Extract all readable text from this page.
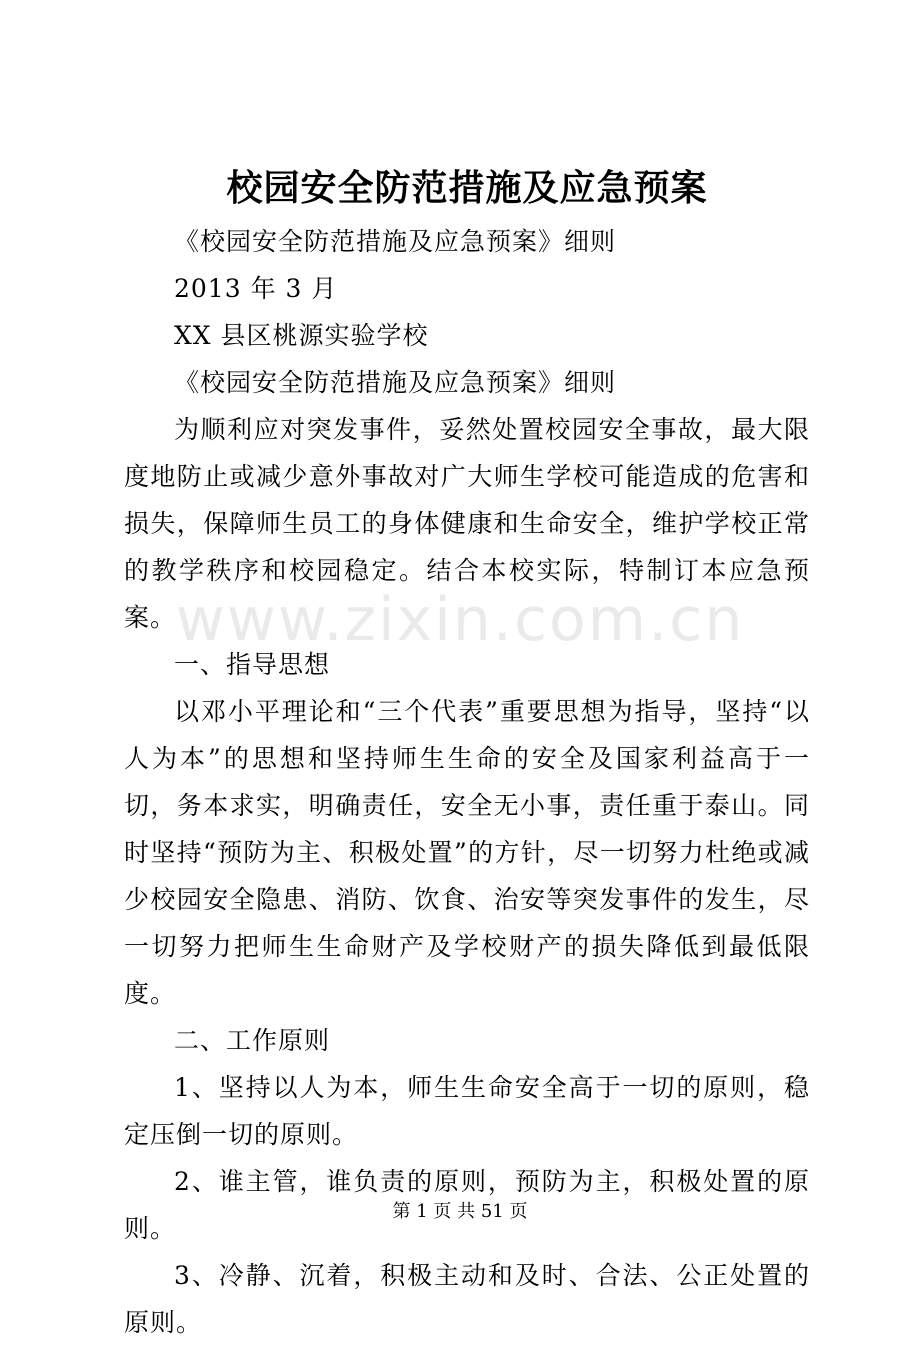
校园安全防范措施及应急预案

《校园安全防范措施及应急预案》细则

2013 年 3 月

XX 县区桃源实验学校

《校园安全防范措施及应急预案》细则

为顺利应对突发事件，妥然处置校园安全事故，最大限度地防止或减少意外事故对广大师生学校可能造成的危害和损失，保障师生员工的身体健康和生命安全，维护学校正常的教学秩序和校园稳定。结合本校实际，特制订本应急预案。

一、指导思想

以邓小平理论和“三个代表”重要思想为指导，坚持“以人为本”的思想和坚持师生生命的安全及国家利益高于一切，务本求实，明确责任，安全无小事，责任重于泰山。同时坚持“预防为主、积极处置”的方针，尽一切努力杜绝或减少校园安全隐患、消防、饮食、治安等突发事件的发生，尽一切努力把师生生命财产及学校财产的损失降低到最低限度。

二、工作原则

1、坚持以人为本，师生生命安全高于一切的原则，稳定压倒一切的原则。

2、谁主管，谁负责的原则，预防为主，积极处置的原则。

3、冷静、沉着，积极主动和及时、合法、公正处置的原则。

www.zixin.com.cn
第 1 页 共 51 页
